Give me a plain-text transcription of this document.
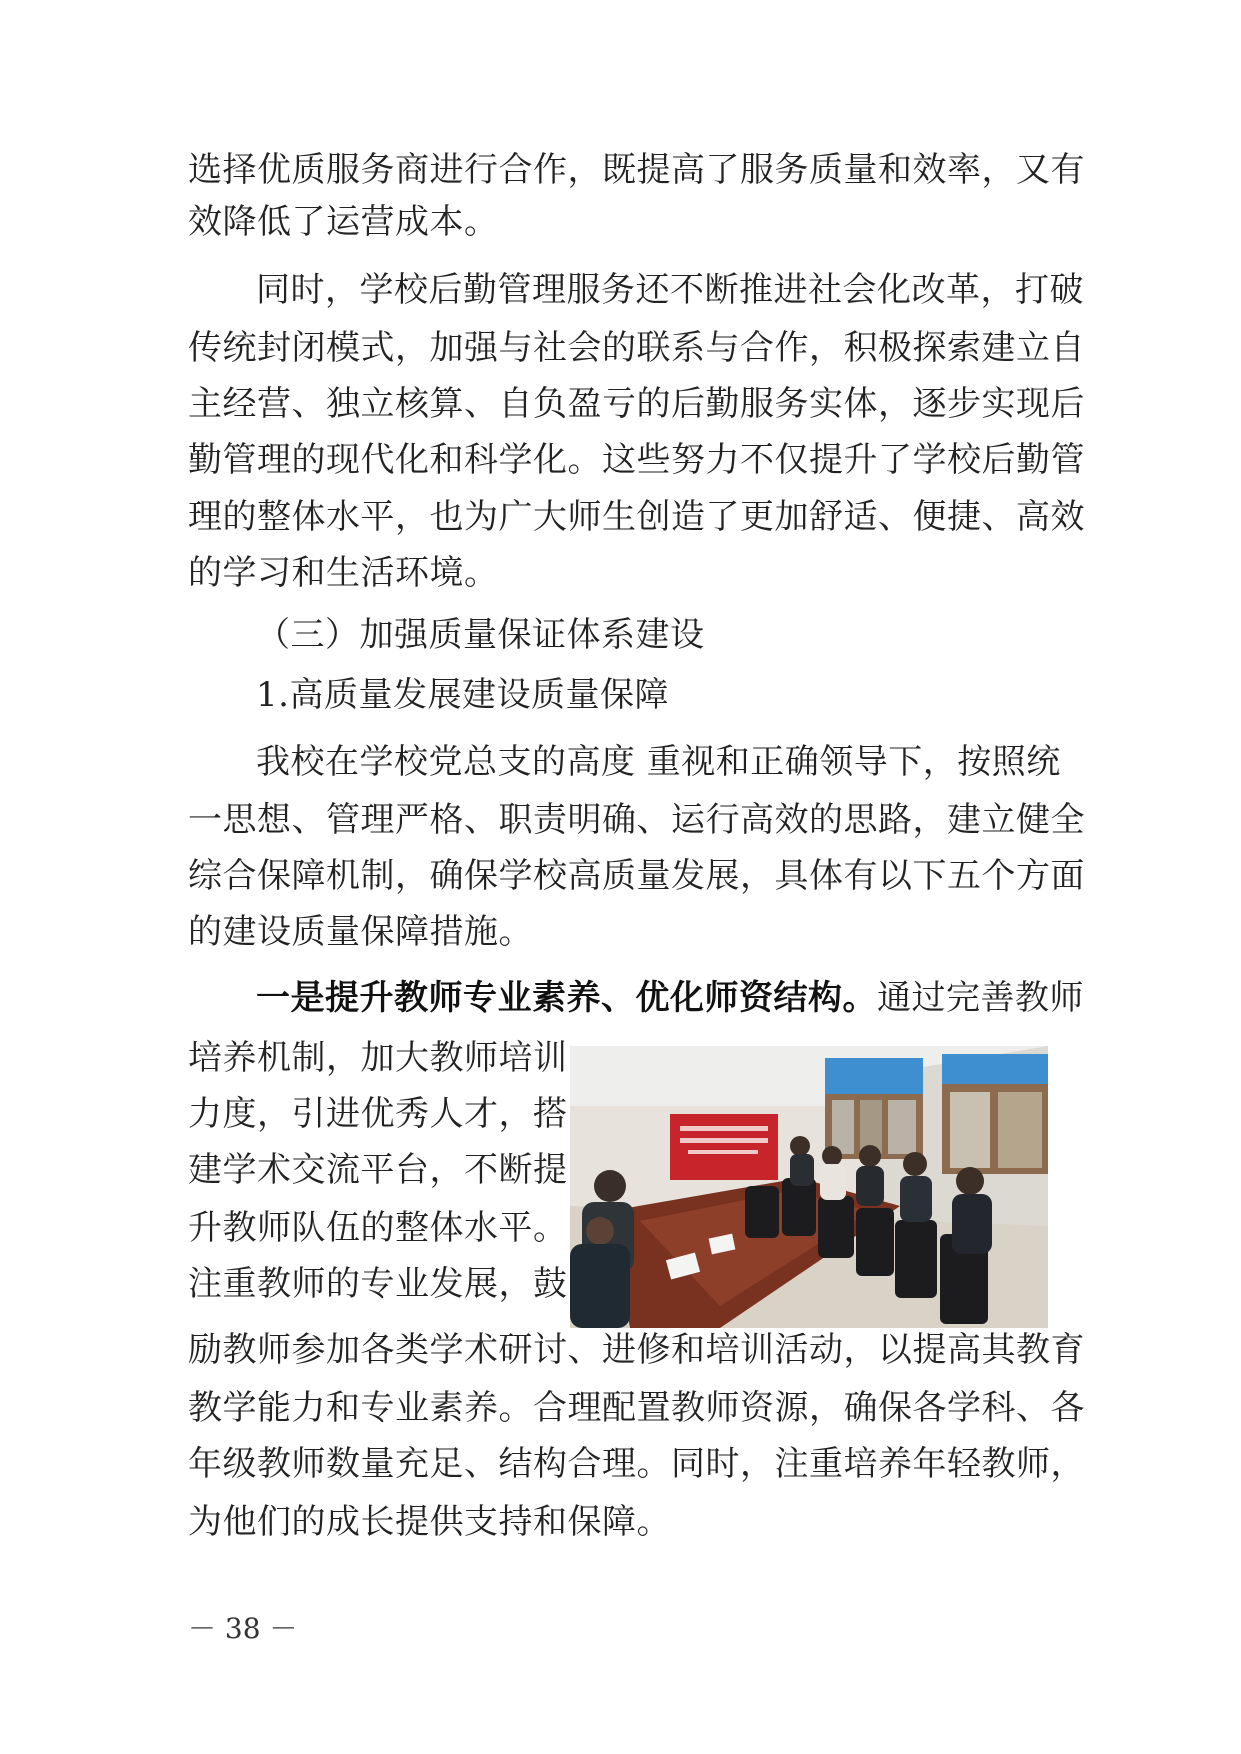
选择优质服务商进行合作，既提高了服务质量和效率，又有
效降低了运营成本。
同时，学校后勤管理服务还不断推进社会化改革，打破
传统封闭模式，加强与社会的联系与合作，积极探索建立自
主经营、独立核算、自负盈亏的后勤服务实体，逐步实现后
勤管理的现代化和科学化。这些努力不仅提升了学校后勤管
理的整体水平，也为广大师生创造了更加舒适、便捷、高效
的学习和生活环境。
（三）加强质量保证体系建设
1.高质量发展建设质量保障
我校在学校党总支的高度 重视和正确领导下，按照统
一思想、管理严格、职责明确、运行高效的思路，建立健全
综合保障机制，确保学校高质量发展，具体有以下五个方面
的建设质量保障措施。
一是提升教师专业素养、优化师资结构。通过完善教师
培养机制，加大教师培训
力度，引进优秀人才，搭
建学术交流平台，不断提
升教师队伍的整体水平。
注重教师的专业发展，鼓
励教师参加各类学术研讨、进修和培训活动，以提高其教育
教学能力和专业素养。合理配置教师资源，确保各学科、各
年级教师数量充足、结构合理。同时，注重培养年轻教师，
为他们的成长提供支持和保障。
－ 38 －
